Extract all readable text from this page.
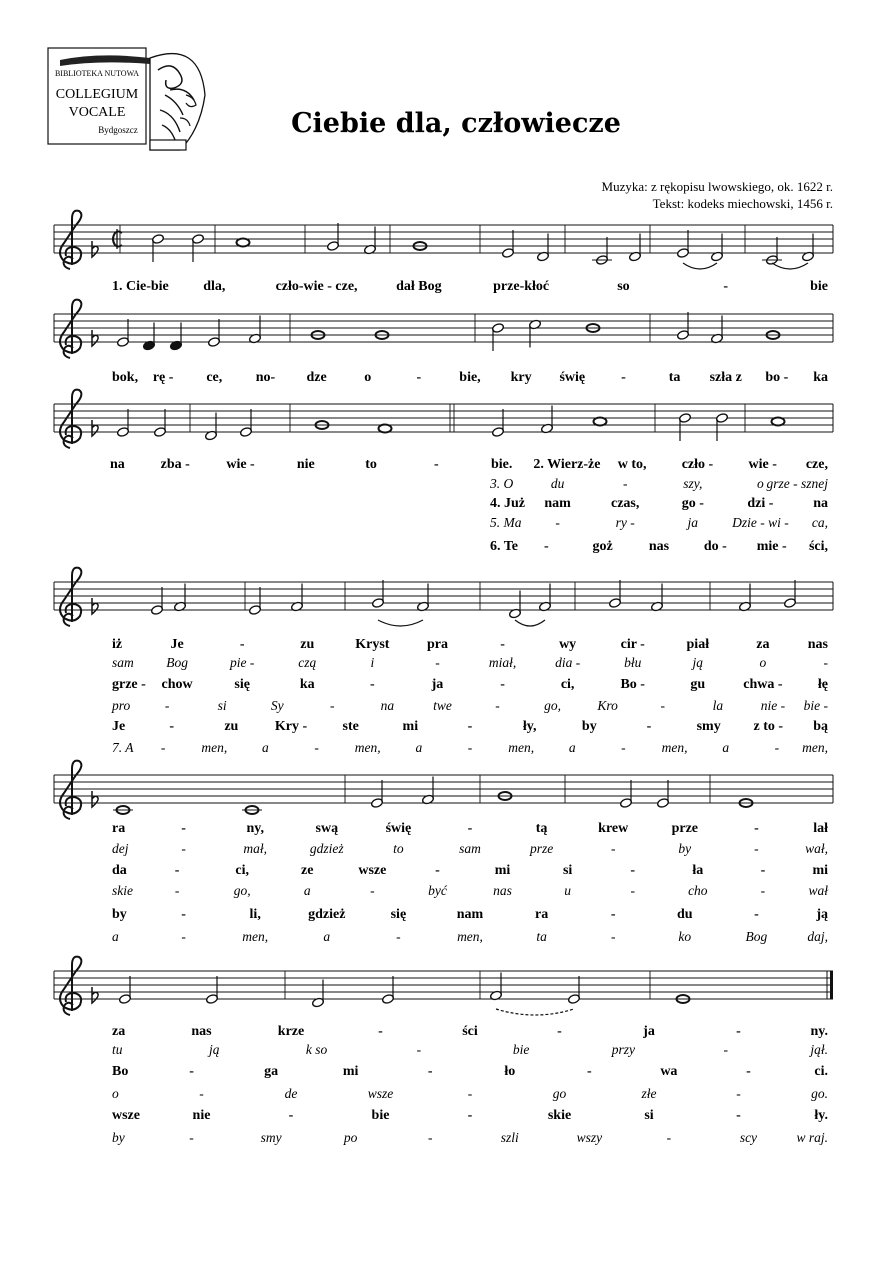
BIBLIOTEKA NUTOWA
COLLEGIUM
VOCALE
Bydgoszcz	Ciebie dla, człowiecze
Muzyka: z rękopisu lwowskiego, ok. 1622 r.
Tekst: kodeks miechowski, 1456 r.
1. Cie-bie dla,	czło-wie - cze,	dał Bog	prze-kłoć	so	-	bie
bok, rę - ce, no- dze	o	-	bie, kry świę	-	ta szła z bo - ka
na	zba -	wie -	nie	to	-	bie. 2. Wierz-że w to,	czło -	wie - cze,
3. O	du	-	szy,	o grze - sznej
4. Już nam	czas,	go -	dzi -	na
5. Ma	-	ry -	ja	Dzie - wi - ca,
6. Te -	goż	nas do - mie - ści,
iż	Je	-	zu	Kryst	pra	-	wy	cir -	piał	za	nas
sam Bog	pie -	czą	i	-	miał,	dia -	błu	ją	o	-
grze - chow	się	ka	-	ja	-	ci,	Bo -	gu	chwa -	łę
pro	-	si	Sy	-	na	twe	-	go,	Kro	-	la	nie - bie -
Je	-	zu	Kry -	ste	mi	-	ły,	by	-	smy z to - bą
7. A -	men,	a	-	men,	a	-	men,	a	-	men,	a	- men,
ra	-	ny,	swą	świę	-	tą	krew	prze	-	lał
dej	-	mał,	gdzież	to	sam	prze	-	by	-	wał,
da	-	ci,	ze	wsze	-	mi	si	-	ła	-	mi
skie	-	go,	a	-	być	nas	u	-	cho	-	wał
by	-	li,	gdzież	się	nam	ra	-	du	-	ją
a	-	men,	a	-	men,	ta	-	ko	Bog	daj,
za	nas	krze	-	ści	-	ja	-	ny.
tu	ją	k so	-	bie	przy	-	jął.
Bo	-	ga	mi	-	ło	-	wa	-	ci.
o	-	de	wsze	-	go	złe	-	go.
wsze	nie	-	bie	-	skie	si	-	ły.
by	-	smy	po	-	szli	wszy	-	scy	w raj.
